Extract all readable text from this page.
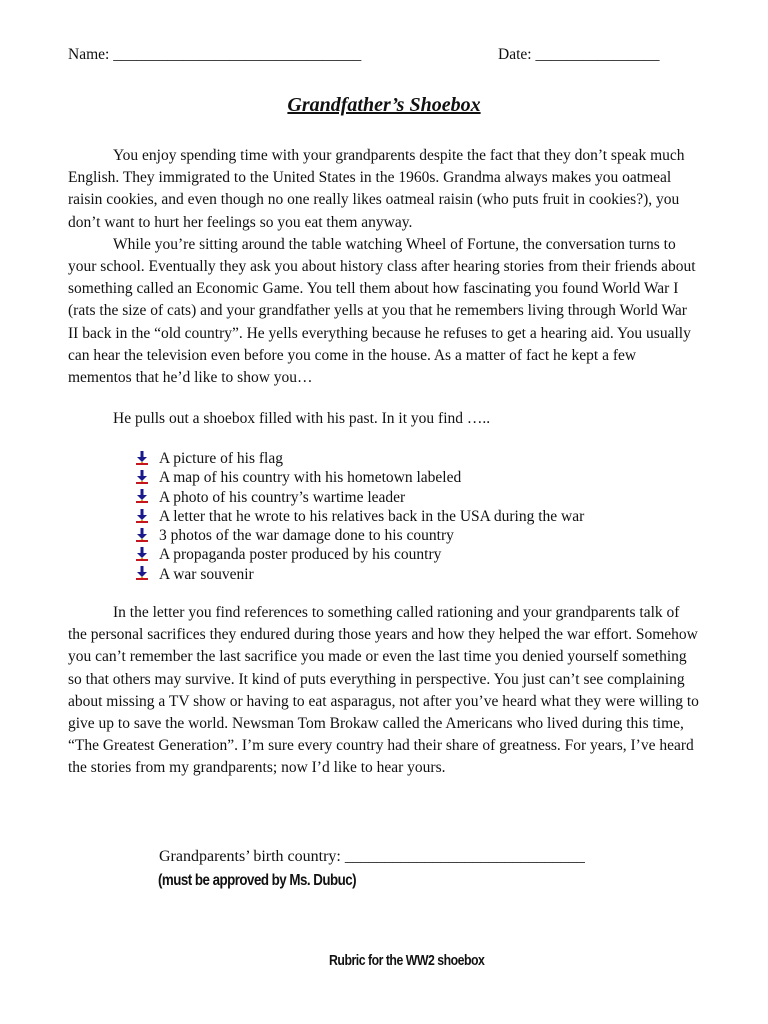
Name: ________________________________	Date: ________________
Grandfather’s Shoebox

You enjoy spending time with your grandparents despite the fact that they don’t speak much English. They immigrated to the United States in the 1960s. Grandma always makes you oatmeal raisin cookies, and even though no one really likes oatmeal raisin (who puts fruit in cookies?), you don’t want to hurt her feelings so you eat them anyway.

While you’re sitting around the table watching Wheel of Fortune, the conversation turns to your school. Eventually they ask you about history class after hearing stories from their friends about something called an Economic Game. You tell them about how fascinating you found World War I (rats the size of cats) and your grandfather yells at you that he remembers living through World War II back in the “old country”. He yells everything because he refuses to get a hearing aid. You usually can hear the television even before you come in the house. As a matter of fact he kept a few mementos that he’d like to show you…

He pulls out a shoebox filled with his past. In it you find …..
A picture of his flag
A map of his country with his hometown labeled
A photo of his country’s wartime leader
A letter that he wrote to his relatives back in the USA during the war
3 photos of the war damage done to his country
A propaganda poster produced by his country
A war souvenir

In the letter you find references to something called rationing and your grandparents talk of the personal sacrifices they endured during those years and how they helped the war effort. Somehow you can’t remember the last sacrifice you made or even the last time you denied yourself something so that others may survive. It kind of puts everything in perspective. You just can’t see complaining about missing a TV show or having to eat asparagus, not after you’ve heard what they were willing to give up to save the world. Newsman Tom Brokaw called the Americans who lived during this time, “The Greatest Generation”. I’m sure every country had their share of greatness. For years, I’ve heard the stories from my grandparents; now I’d like to hear yours.

Grandparents’ birth country: ______________________________
(must be approved by Ms. Dubuc)
Rubric for the WW2 shoebox
